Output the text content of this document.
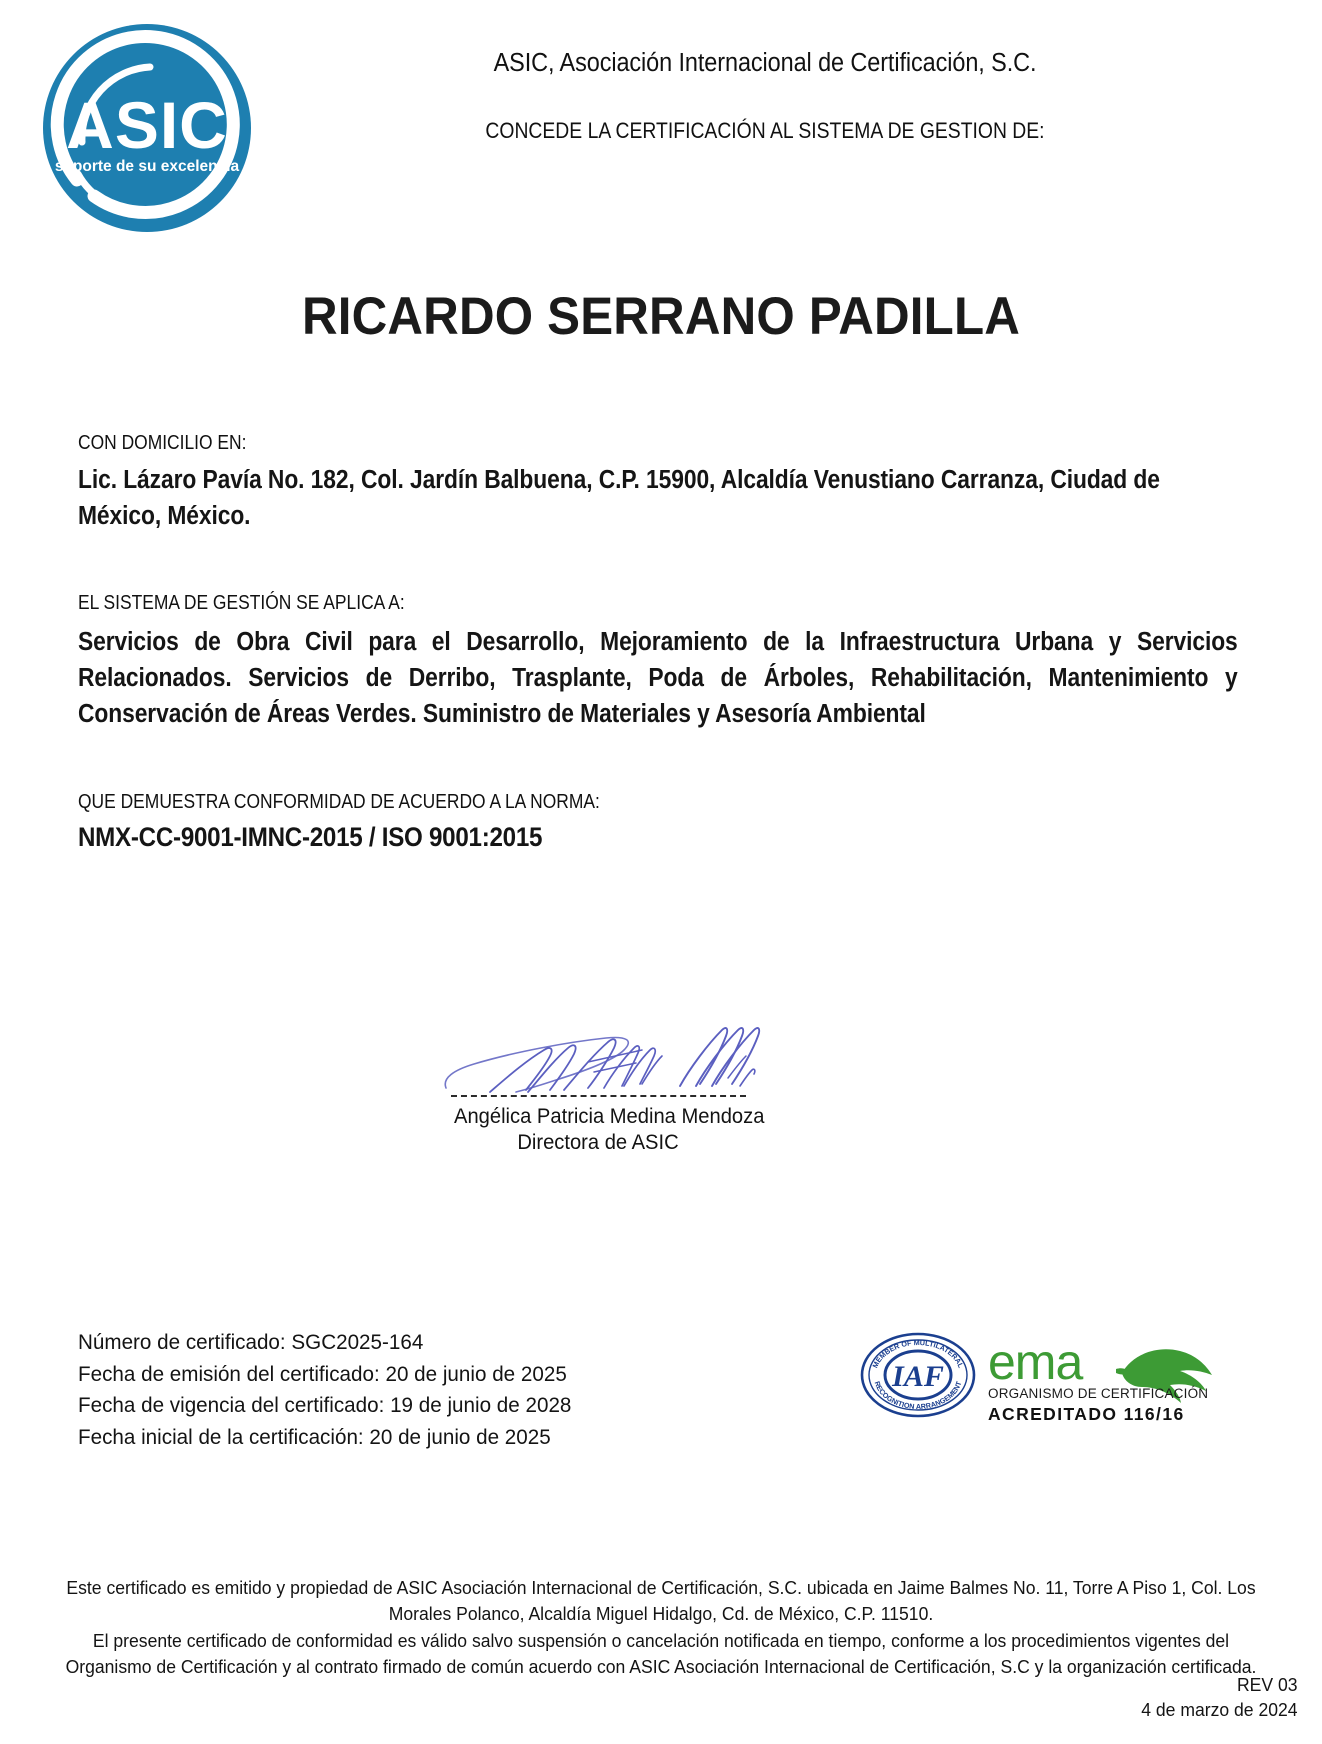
ASIC
soporte de su excelencia
ASIC, Asociación Internacional de Certificación, S.C.
CONCEDE LA CERTIFICACIÓN AL SISTEMA DE GESTION DE:
RICARDO SERRANO PADILLA
CON DOMICILIO EN:
Lic. Lázaro Pavía No. 182, Col. Jardín Balbuena, C.P. 15900, Alcaldía Venustiano Carranza, Ciudad de México, México.
EL SISTEMA DE GESTIÓN SE APLICA A:
Servicios de Obra Civil para el Desarrollo, Mejoramiento de la Infraestructura Urbana y Servicios Relacionados. Servicios de Derribo, Trasplante, Poda de Árboles, Rehabilitación, Mantenimiento y Conservación de Áreas Verdes. Suministro de Materiales y Asesoría Ambiental
QUE DEMUESTRA CONFORMIDAD DE ACUERDO A LA NORMA:
NMX-CC-9001-IMNC-2015 / ISO 9001:2015
Angélica Patricia Medina Mendoza
Directora de ASIC
Número de certificado: SGC2025-164
Fecha de emisión del certificado: 20 de junio de 2025
Fecha de vigencia del certificado: 19 de junio de 2028
Fecha inicial de la certificación: 20 de junio de 2025
MEMBER OF MULTILATERAL
RECOGNITION ARRANGEMENT
IAF ema
ORGANISMO DE CERTIFICACIÓN
ACREDITADO 116/16

Este certificado es emitido y propiedad de ASIC Asociación Internacional de Certificación, S.C. ubicada en Jaime Balmes No. 11, Torre A Piso 1, Col. Los

Morales Polanco, Alcaldía Miguel Hidalgo, Cd. de México, C.P. 11510.

El presente certificado de conformidad es válido salvo suspensión o cancelación notificada en tiempo, conforme a los procedimientos vigentes del

Organismo de Certificación y al contrato firmado de común acuerdo con ASIC Asociación Internacional de Certificación, S.C y la organización certificada.

REV 03
4 de marzo de 2024
